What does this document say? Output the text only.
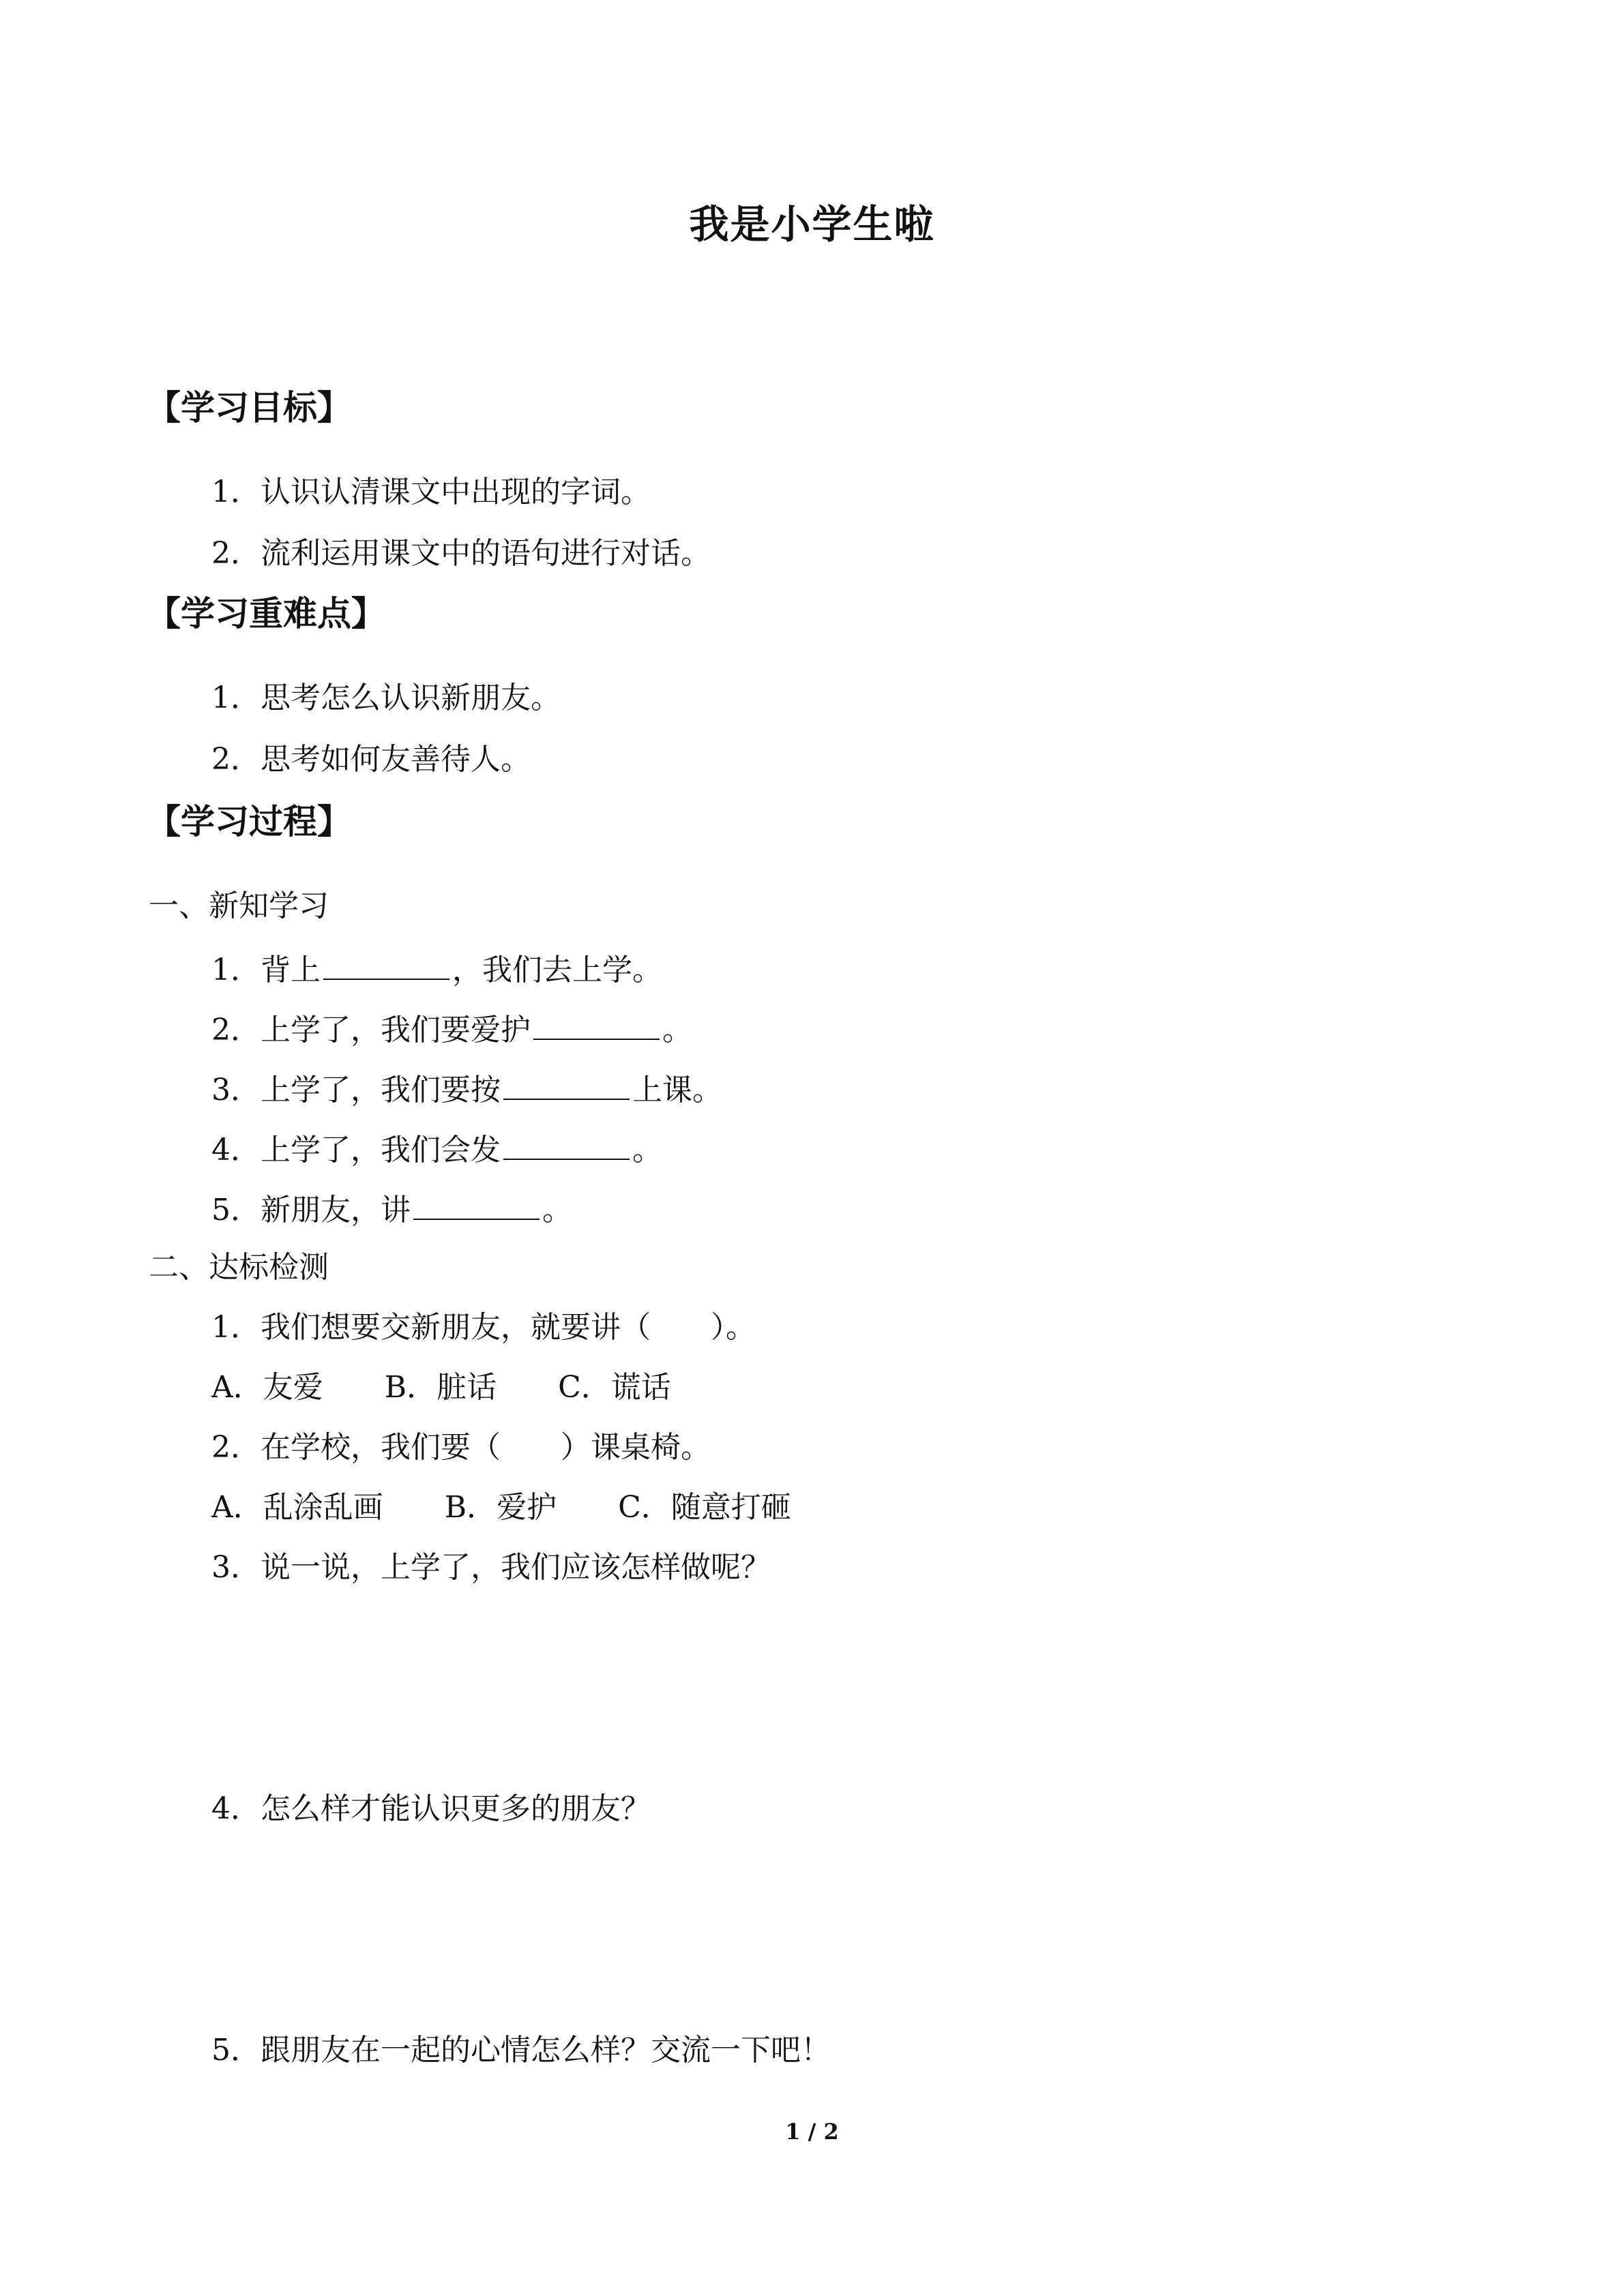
我是小学生啦
【学习目标】
1．认识认清课文中出现的字词。
2．流利运用课文中的语句进行对话。
【学习重难点】
1．思考怎么认识新朋友。
2．思考如何友善待人。
【学习过程】
一、新知学习
1．背上	，我们去上学。
2．上学了，我们要爱护	。
3．上学了，我们要按	上课。
4．上学了，我们会发	。
5．新朋友，讲	。
二、达标检测
1．我们想要交新朋友，就要讲（　　）。
A．友爱 B．脏话 C．谎话
2．在学校，我们要（　　）课桌椅。
A．乱涂乱画 B．爱护 C．随意打砸
3．说一说，上学了，我们应该怎样做呢？
4．怎么样才能认识更多的朋友？
5．跟朋友在一起的心情怎么样？交流一下吧！
1 / 2
